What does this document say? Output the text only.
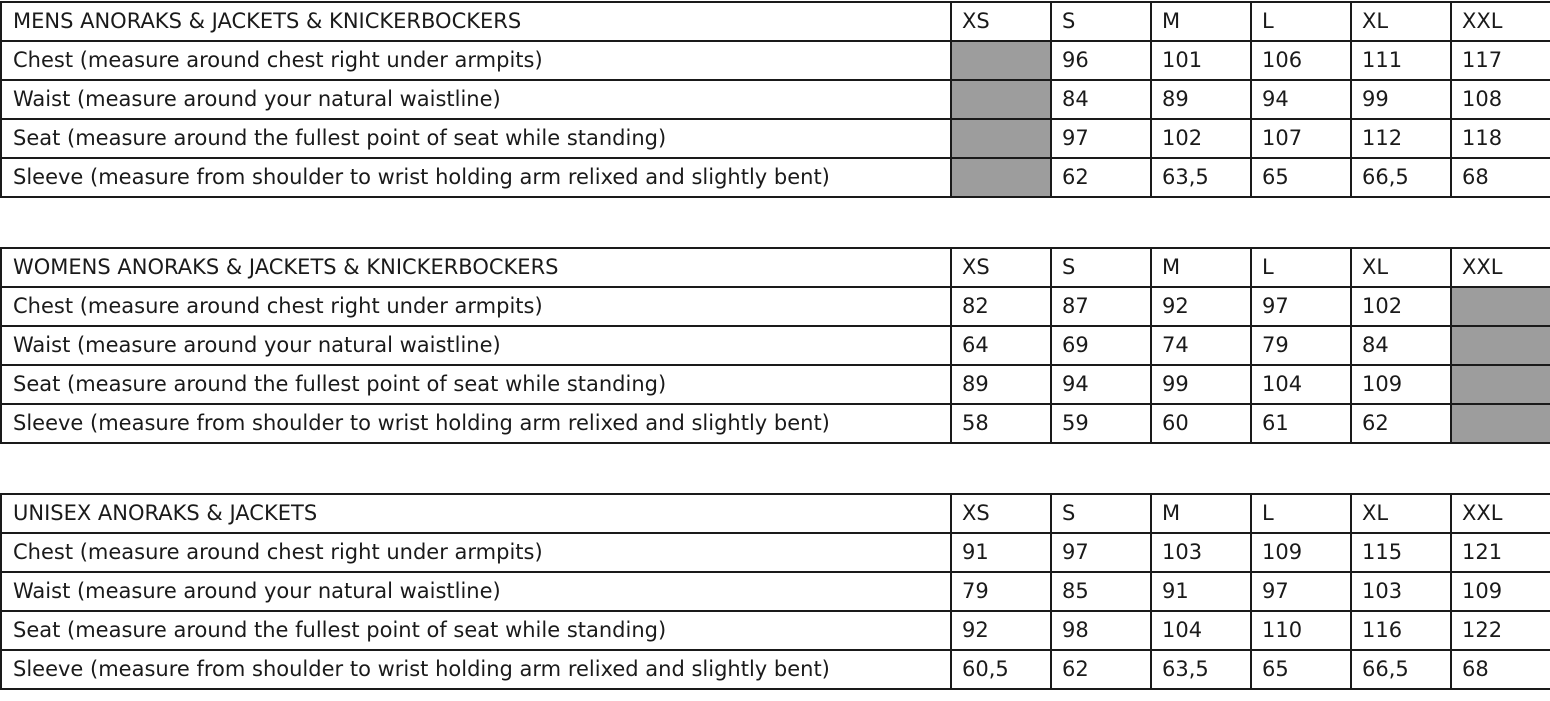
MENS ANORAKS & JACKETS & KNICKERBOCKERS	XS	S	M	L	XL	XXL
Chest (measure around chest right under armpits)		96	101	106	111	117
Waist (measure around your natural waistline)		84	89	94	99	108
Seat (measure around the fullest point of seat while standing)		97	102	107	112	118
Sleeve (measure from shoulder to wrist holding arm relixed and slightly bent)		62	63,5	65	66,5	68
WOMENS ANORAKS & JACKETS & KNICKERBOCKERS	XS	S	M	L	XL	XXL
Chest (measure around chest right under armpits)	82	87	92	97	102	
Waist (measure around your natural waistline)	64	69	74	79	84	
Seat (measure around the fullest point of seat while standing)	89	94	99	104	109	
Sleeve (measure from shoulder to wrist holding arm relixed and slightly bent)	58	59	60	61	62	
UNISEX ANORAKS & JACKETS	XS	S	M	L	XL	XXL
Chest (measure around chest right under armpits)	91	97	103	109	115	121
Waist (measure around your natural waistline)	79	85	91	97	103	109
Seat (measure around the fullest point of seat while standing)	92	98	104	110	116	122
Sleeve (measure from shoulder to wrist holding arm relixed and slightly bent)	60,5	62	63,5	65	66,5	68
